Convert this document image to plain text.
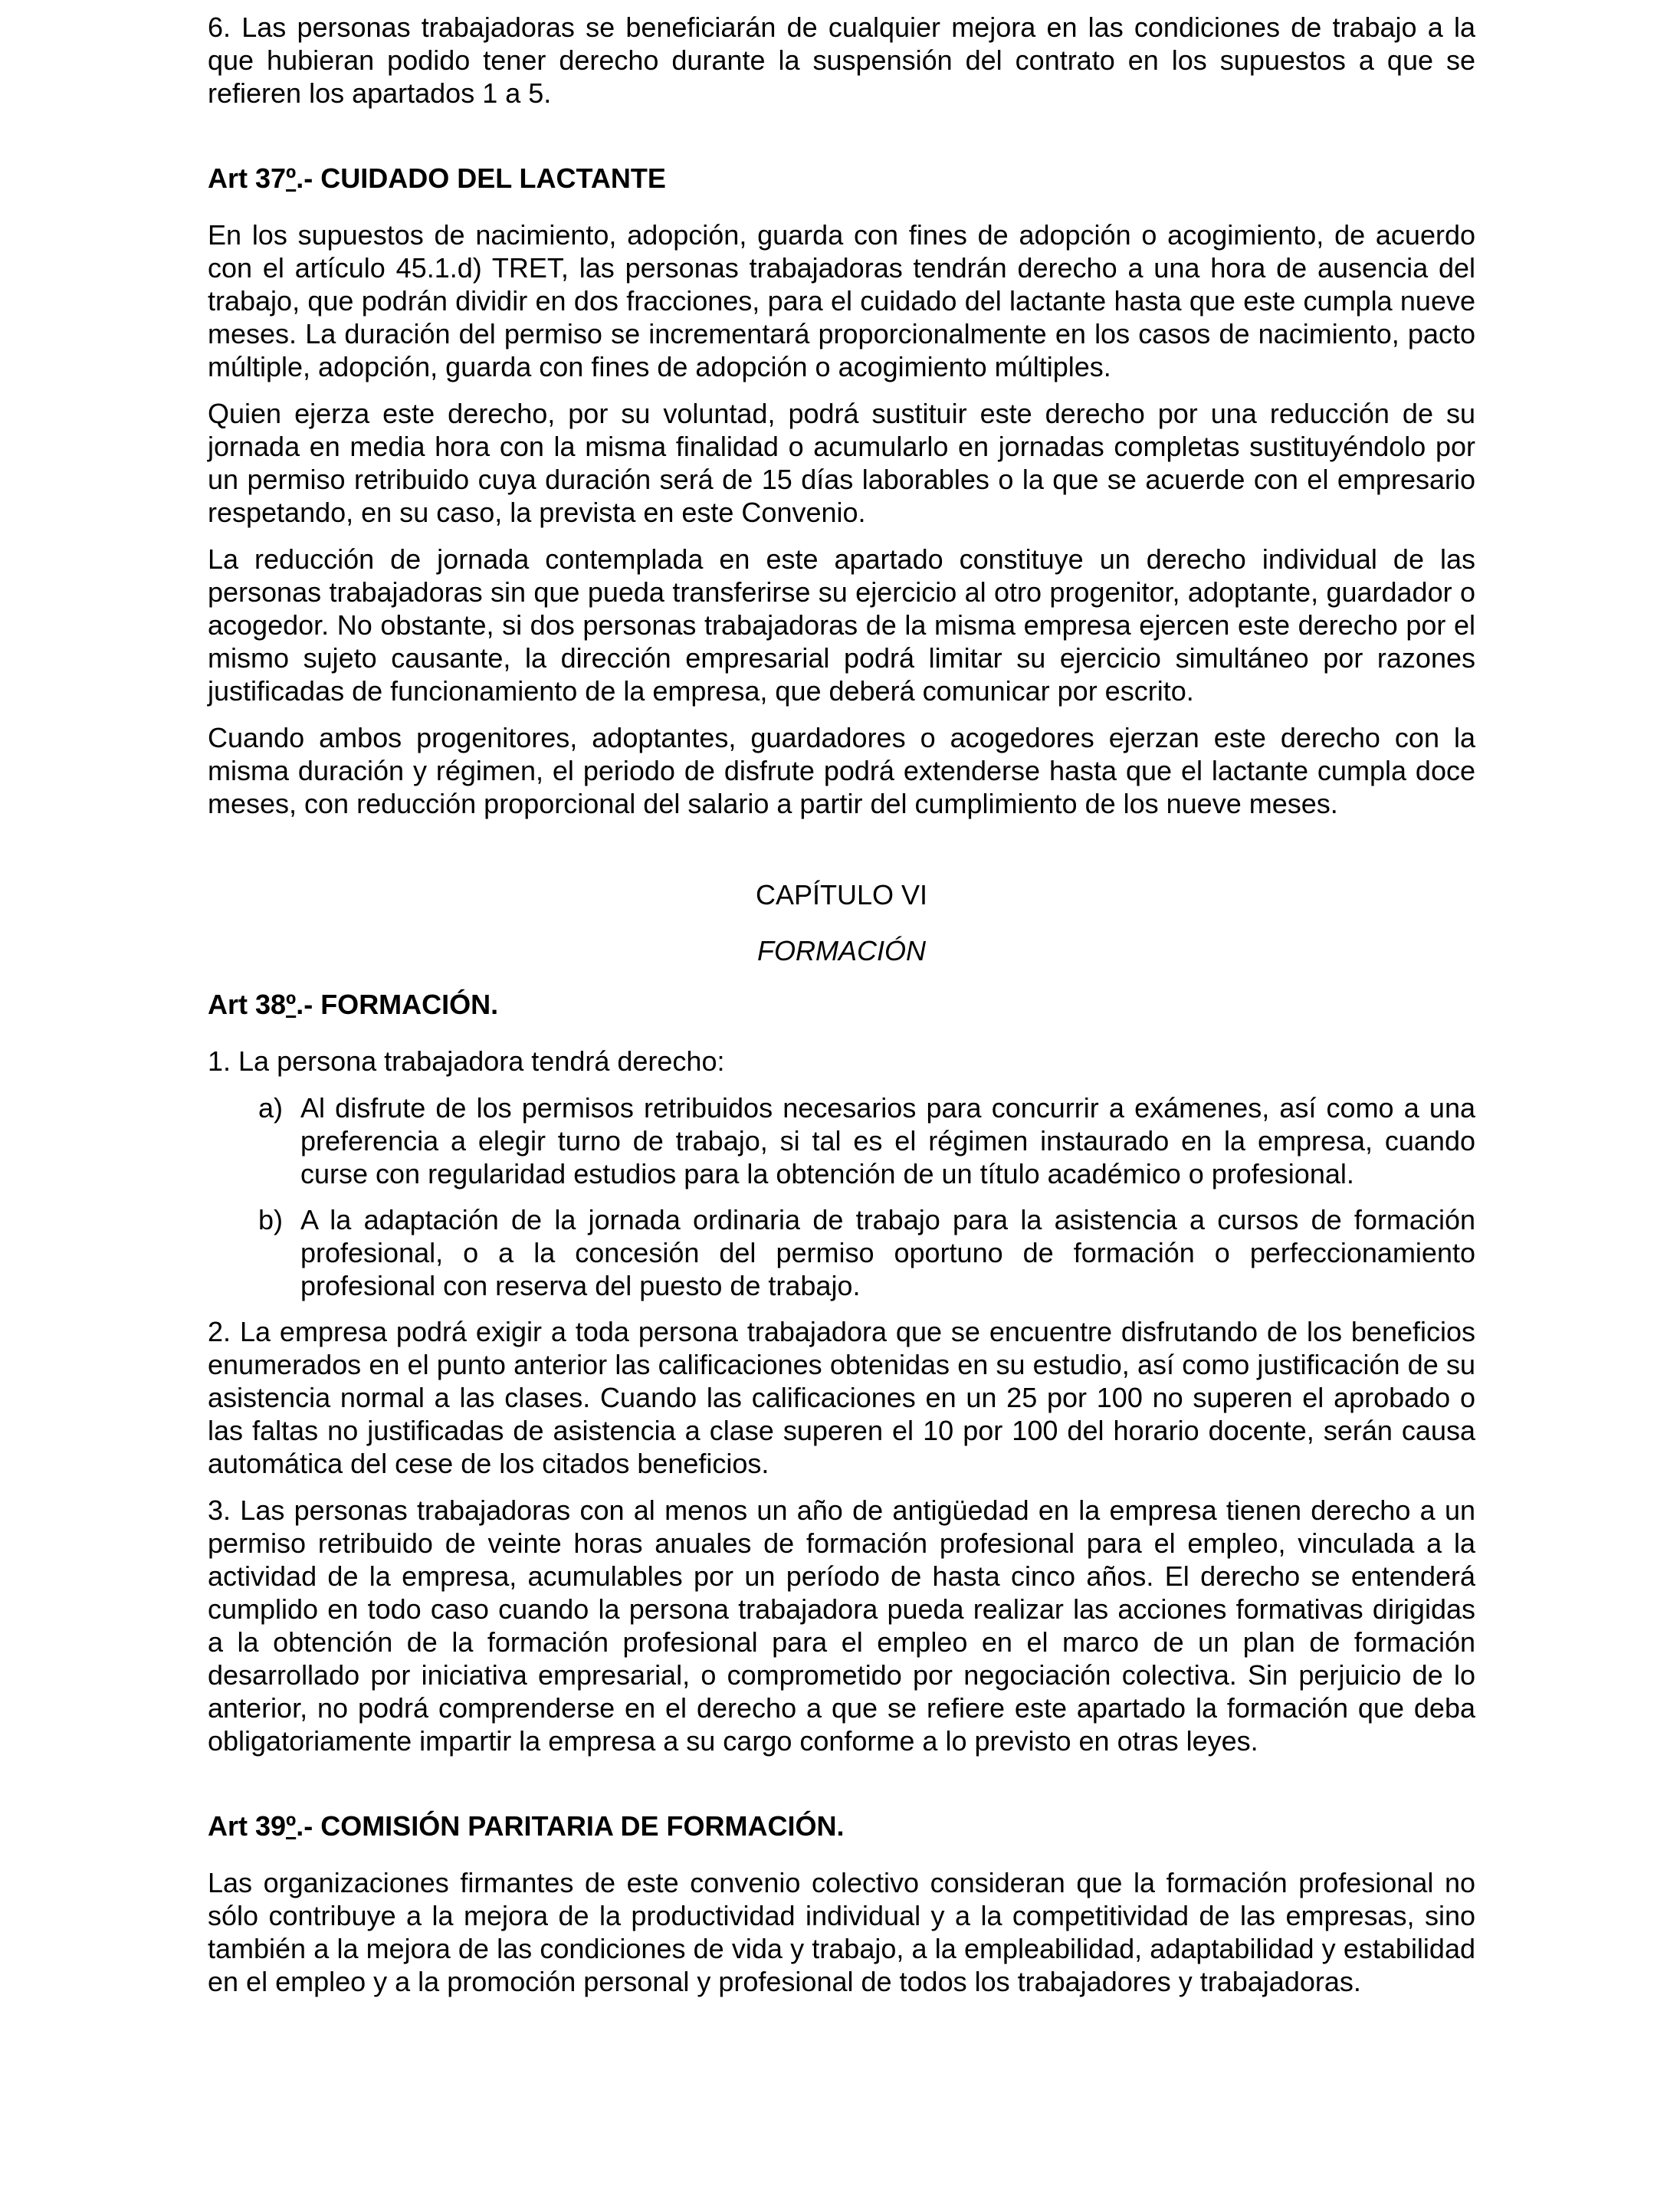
6. Las personas trabajadoras se beneficiarán de cualquier mejora en las condiciones de trabajo a la que hubieran podido tener derecho durante la suspensión del contrato en los supuestos a que se refieren los apartados 1 a 5.

Art 37º.- CUIDADO DEL LACTANTE

En los supuestos de nacimiento, adopción, guarda con fines de adopción o acogimiento, de acuerdo con el artículo 45.1.d) TRET, las personas trabajadoras tendrán derecho a una hora de ausencia del trabajo, que podrán dividir en dos fracciones, para el cuidado del lactante hasta que este cumpla nueve meses. La duración del permiso se incrementará proporcionalmente en los casos de nacimiento, pacto múltiple, adopción, guarda con fines de adopción o acogimiento múltiples.

Quien ejerza este derecho, por su voluntad, podrá sustituir este derecho por una reducción de su jornada en media hora con la misma finalidad o acumularlo en jornadas completas sustituyéndolo por un permiso retribuido cuya duración será de 15 días laborables o la que se acuerde con el empresario respetando, en su caso, la prevista en este Convenio.

La reducción de jornada contemplada en este apartado constituye un derecho individual de las personas trabajadoras sin que pueda transferirse su ejercicio al otro progenitor, adoptante, guardador o acogedor. No obstante, si dos personas trabajadoras de la misma empresa ejercen este derecho por el mismo sujeto causante, la dirección empresarial podrá limitar su ejercicio simultáneo por razones justificadas de funcionamiento de la empresa, que deberá comunicar por escrito.

Cuando ambos progenitores, adoptantes, guardadores o acogedores ejerzan este derecho con la misma duración y régimen, el periodo de disfrute podrá extenderse hasta que el lactante cumpla doce meses, con reducción proporcional del salario a partir del cumplimiento de los nueve meses.

CAPÍTULO VI
FORMACIÓN
Art 38º.- FORMACIÓN.

1. La persona trabajadora tendrá derecho:

a) Al disfrute de los permisos retribuidos necesarios para concurrir a exámenes, así como a una preferencia a elegir turno de trabajo, si tal es el régimen instaurado en la empresa, cuando curse con regularidad estudios para la obtención de un título académico o profesional.
b) A la adaptación de la jornada ordinaria de trabajo para la asistencia a cursos de formación profesional, o a la concesión del permiso oportuno de formación o perfeccionamiento profesional con reserva del puesto de trabajo.

2. La empresa podrá exigir a toda persona trabajadora que se encuentre disfrutando de los beneficios enumerados en el punto anterior las calificaciones obtenidas en su estudio, así como justificación de su asistencia normal a las clases. Cuando las calificaciones en un 25 por 100 no superen el aprobado o las faltas no justificadas de asistencia a clase superen el 10 por 100 del horario docente, serán causa automática del cese de los citados beneficios.

3. Las personas trabajadoras con al menos un año de antigüedad en la empresa tienen derecho a un permiso retribuido de veinte horas anuales de formación profesional para el empleo, vinculada a la actividad de la empresa, acumulables por un período de hasta cinco años. El derecho se entenderá cumplido en todo caso cuando la persona trabajadora pueda realizar las acciones formativas dirigidas a la obtención de la formación profesional para el empleo en el marco de un plan de formación desarrollado por iniciativa empresarial, o comprometido por negociación colectiva. Sin perjuicio de lo anterior, no podrá comprenderse en el derecho a que se refiere este apartado la formación que deba obligatoriamente impartir la empresa a su cargo conforme a lo previsto en otras leyes.

Art 39º.- COMISIÓN PARITARIA DE FORMACIÓN.

Las organizaciones firmantes de este convenio colectivo consideran que la formación profesional no sólo contribuye a la mejora de la productividad individual y a la competitividad de las empresas, sino también a la mejora de las condiciones de vida y trabajo, a la empleabilidad, adaptabilidad y estabilidad en el empleo y a la promoción personal y profesional de todos los trabajadores y trabajadoras.
